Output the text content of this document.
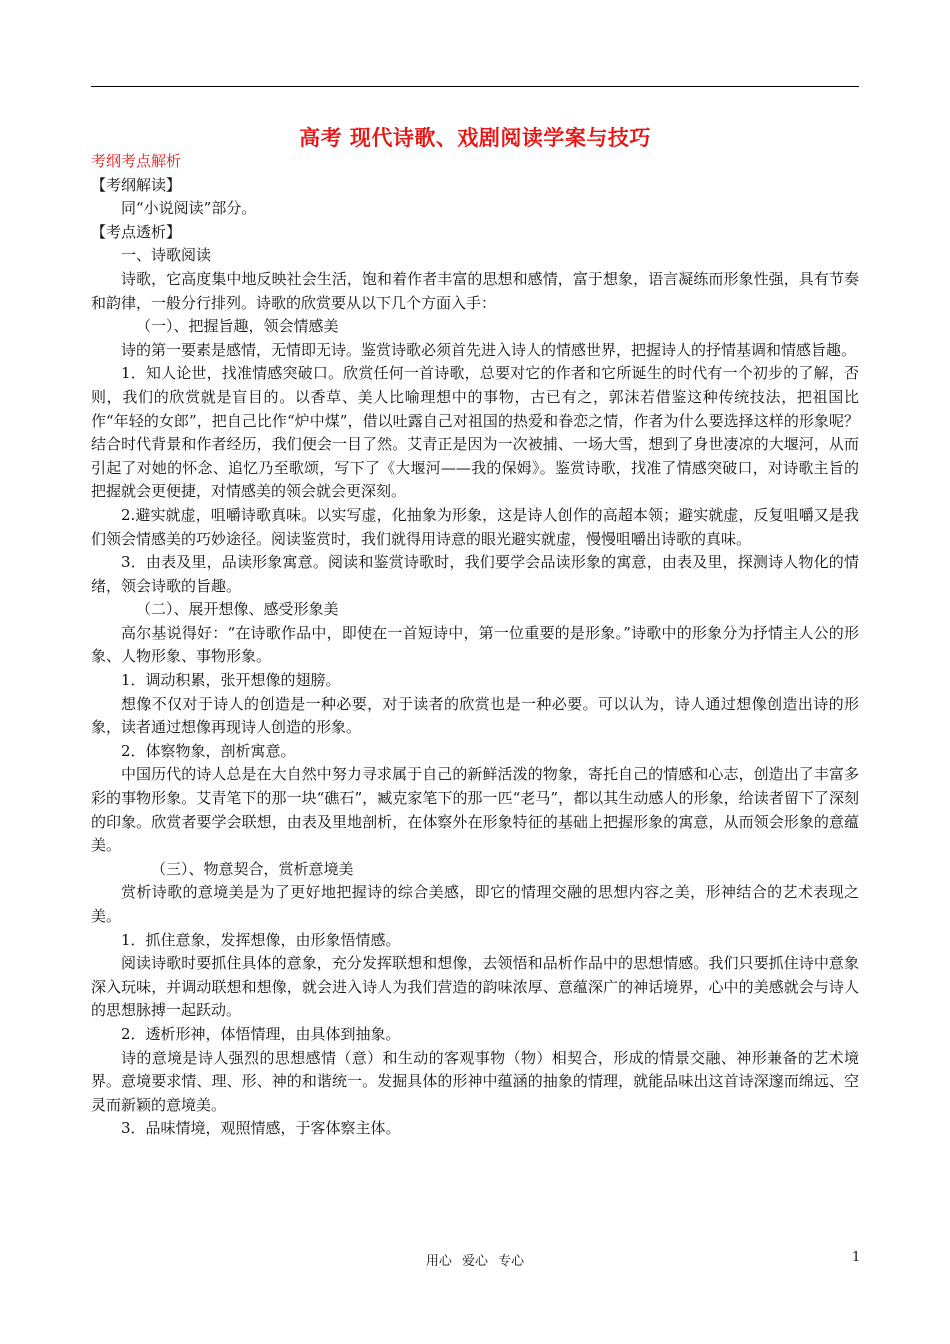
高考 现代诗歌、戏剧阅读学案与技巧

考纲考点解析

【考纲解读】

同“小说阅读”部分。

【考点透析】

一、诗歌阅读

诗歌，它高度集中地反映社会生活，饱和着作者丰富的思想和感情，富于想象，语言凝练而形象性强，具有节奏和韵律，一般分行排列。诗歌的欣赏要从以下几个方面入手：

（一）、把握旨趣，领会情感美

诗的第一要素是感情，无情即无诗。鉴赏诗歌必须首先进入诗人的情感世界，把握诗人的抒情基调和情感旨趣。

1．知人论世，找准情感突破口。欣赏任何一首诗歌，总要对它的作者和它所诞生的时代有一个初步的了解，否则，我们的欣赏就是盲目的。以香草、美人比喻理想中的事物，古已有之，郭沫若借鉴这种传统技法，把祖国比作“年轻的女郎”，把自己比作“炉中煤”，借以吐露自己对祖国的热爱和眷恋之情，作者为什么要选择这样的形象呢？结合时代背景和作者经历，我们便会一目了然。艾青正是因为一次被捕、一场大雪，想到了身世凄凉的大堰河，从而引起了对她的怀念、追忆乃至歌颂，写下了《大堰河——我的保姆》。鉴赏诗歌，找准了情感突破口，对诗歌主旨的把握就会更便捷，对情感美的领会就会更深刻。

2.避实就虚，咀嚼诗歌真味。以实写虚，化抽象为形象，这是诗人创作的高超本领；避实就虚，反复咀嚼又是我们领会情感美的巧妙途径。阅读鉴赏时，我们就得用诗意的眼光避实就虚，慢慢咀嚼出诗歌的真味。

3．由表及里，品读形象寓意。阅读和鉴赏诗歌时，我们要学会品读形象的寓意，由表及里，探测诗人物化的情绪，领会诗歌的旨趣。

（二）、展开想像、感受形象美

高尔基说得好：“在诗歌作品中，即使在一首短诗中，第一位重要的是形象。”诗歌中的形象分为抒情主人公的形象、人物形象、事物形象。

1．调动积累，张开想像的翅膀。

想像不仅对于诗人的创造是一种必要，对于读者的欣赏也是一种必要。可以认为，诗人通过想像创造出诗的形象，读者通过想像再现诗人创造的形象。

2．体察物象，剖析寓意。

中国历代的诗人总是在大自然中努力寻求属于自己的新鲜活泼的物象，寄托自己的情感和心志，创造出了丰富多彩的事物形象。艾青笔下的那一块“礁石”，臧克家笔下的那一匹“老马”，都以其生动感人的形象，给读者留下了深刻的印象。欣赏者要学会联想，由表及里地剖析，在体察外在形象特征的基础上把握形象的寓意，从而领会形象的意蕴美。

（三）、物意契合，赏析意境美

赏析诗歌的意境美是为了更好地把握诗的综合美感，即它的情理交融的思想内容之美，形神结合的艺术表现之美。

1．抓住意象，发挥想像，由形象悟情感。

阅读诗歌时要抓住具体的意象，充分发挥联想和想像，去领悟和品析作品中的思想情感。我们只要抓住诗中意象深入玩味，并调动联想和想像，就会进入诗人为我们营造的韵味浓厚、意蕴深广的神话境界，心中的美感就会与诗人的思想脉搏一起跃动。

2．透析形神，体悟情理，由具体到抽象。

诗的意境是诗人强烈的思想感情（意）和生动的客观事物（物）相契合，形成的情景交融、神形兼备的艺术境界。意境要求情、理、形、神的和谐统一。发掘具体的形神中蕴涵的抽象的情理，就能品味出这首诗深邃而绵远、空灵而新颖的意境美。

3．品味情境，观照情感，于客体察主体。

用心 爱心 专心	1
